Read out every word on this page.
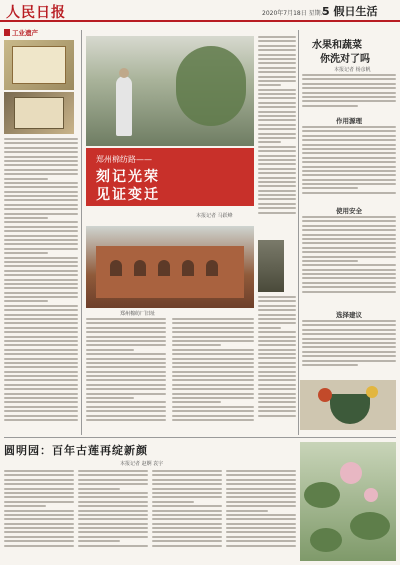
人民日报	2020年7月18日 星期六
5 假日生活
工业遗产
郑州棉纺路——
刻记光荣
见证变迁
本报记者 马跃峰
郑州棉纺厂旧址
水果和蔬菜
你洗对了吗
本报记者 杨彦帆
作用源理
使用安全
选择建议
圆明园：百年古莲再绽新颜
本报记者 赵婀 袁宇
